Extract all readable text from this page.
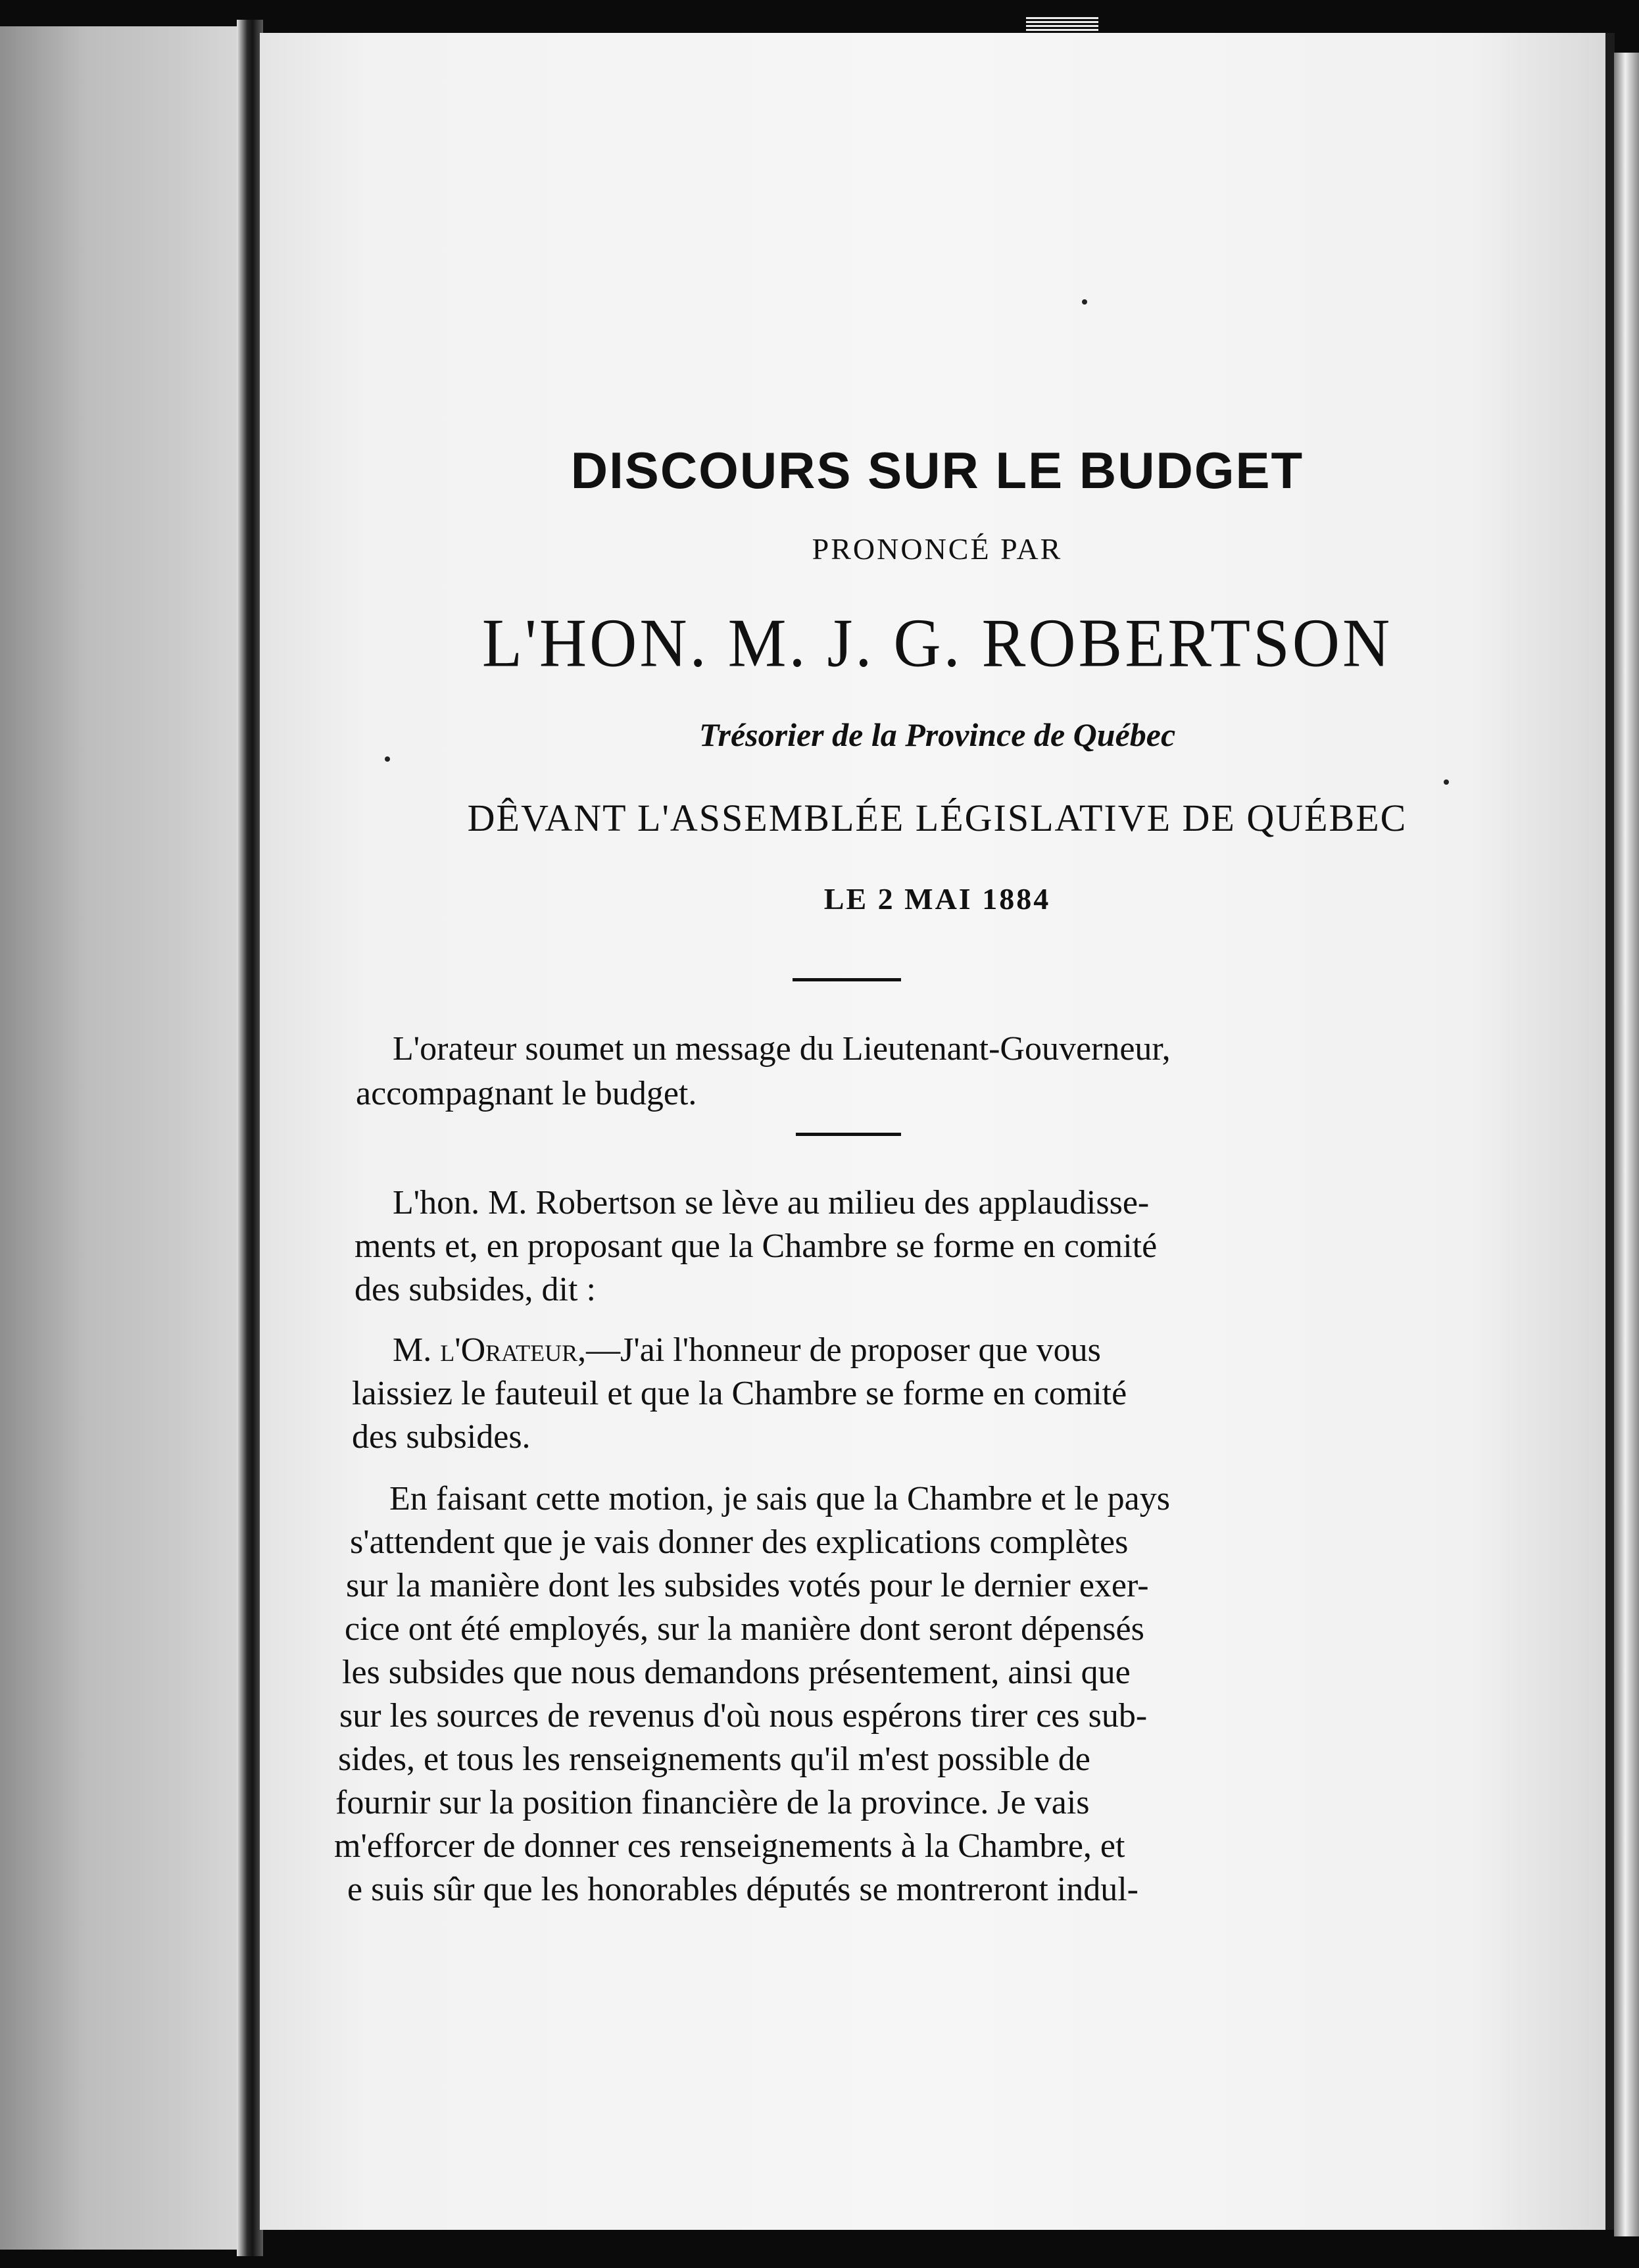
DISCOURS SUR LE BUDGET
PRONONCÉ PAR
L'HON. M. J. G. ROBERTSON
Trésorier de la Province de Québec
DÊVANT L'ASSEMBLÉE LÉGISLATIVE DE QUÉBEC
LE 2 MAI 1884
L'orateur soumet un message du Lieutenant-Gouverneur,
accompagnant le budget.
L'hon. M. Robertson se lève au milieu des applaudisse-
ments et, en proposant que la Chambre se forme en comité
des subsides, dit :
M. l'Orateur,—J'ai l'honneur de proposer que vous
laissiez le fauteuil et que la Chambre se forme en comité
des subsides.
En faisant cette motion, je sais que la Chambre et le pays
s'attendent que je vais donner des explications complètes
sur la manière dont les subsides votés pour le dernier exer-
cice ont été employés, sur la manière dont seront dépensés
les subsides que nous demandons présentement, ainsi que
sur les sources de revenus d'où nous espérons tirer ces sub-
sides, et tous les renseignements qu'il m'est possible de
fournir sur la position financière de la province. Je vais
m'efforcer de donner ces renseignements à la Chambre, et
e suis sûr que les honorables députés se montreront indul-
